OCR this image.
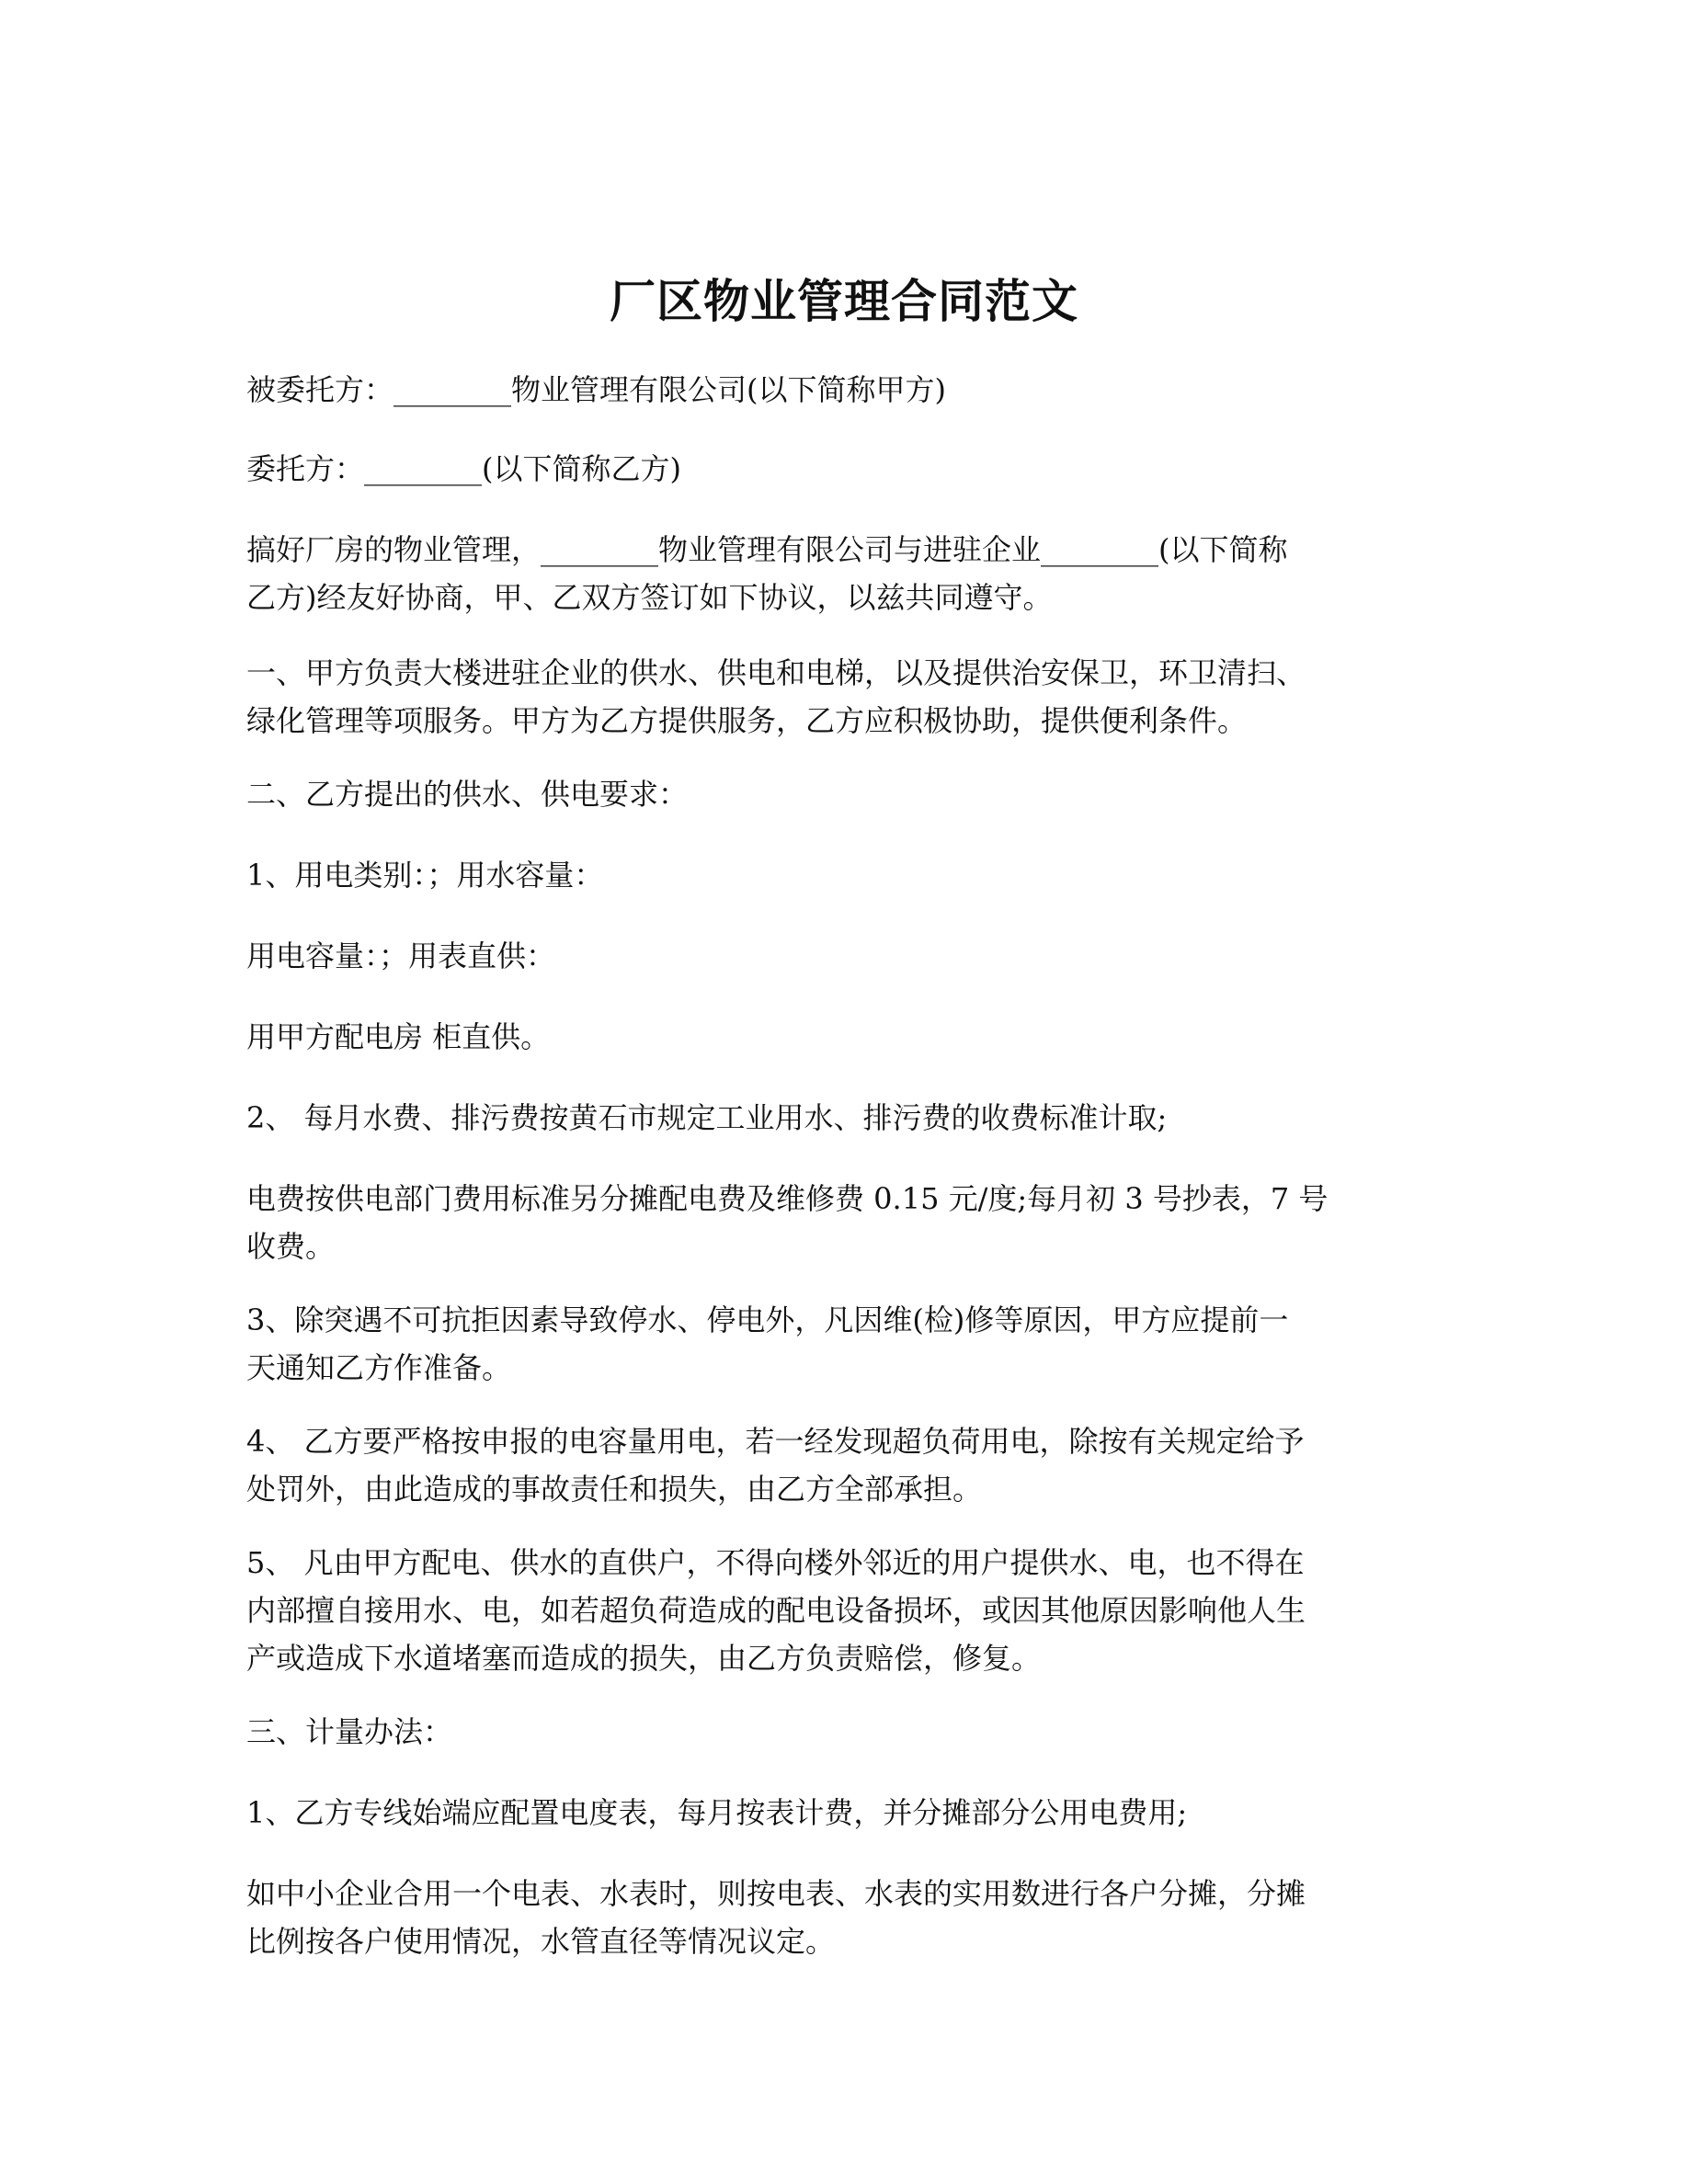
厂区物业管理合同范文

被委托方：________物业管理有限公司(以下简称甲方)

委托方：________(以下简称乙方)

搞好厂房的物业管理，________物业管理有限公司与进驻企业________(以下简称
乙方)经友好协商，甲、乙双方签订如下协议，以兹共同遵守。

一、甲方负责大楼进驻企业的供水、供电和电梯，以及提供治安保卫，环卫清扫、
绿化管理等项服务。甲方为乙方提供服务，乙方应积极协助，提供便利条件。

二、乙方提出的供水、供电要求：

1、用电类别：；用水容量：

用电容量：；用表直供：

用甲方配电房 柜直供。

2、 每月水费、排污费按黄石市规定工业用水、排污费的收费标准计取;

电费按供电部门费用标准另分摊配电费及维修费 0.15 元/度;每月初 3 号抄表，7 号
收费。

3、除突遇不可抗拒因素导致停水、停电外，凡因维(检)修等原因，甲方应提前一
天通知乙方作准备。

4、 乙方要严格按申报的电容量用电，若一经发现超负荷用电，除按有关规定给予
处罚外，由此造成的事故责任和损失，由乙方全部承担。

5、 凡由甲方配电、供水的直供户，不得向楼外邻近的用户提供水、电，也不得在
内部擅自接用水、电，如若超负荷造成的配电设备损坏，或因其他原因影响他人生
产或造成下水道堵塞而造成的损失，由乙方负责赔偿，修复。

三、计量办法：

1、乙方专线始端应配置电度表，每月按表计费，并分摊部分公用电费用;

如中小企业合用一个电表、水表时，则按电表、水表的实用数进行各户分摊，分摊
比例按各户使用情况，水管直径等情况议定。
